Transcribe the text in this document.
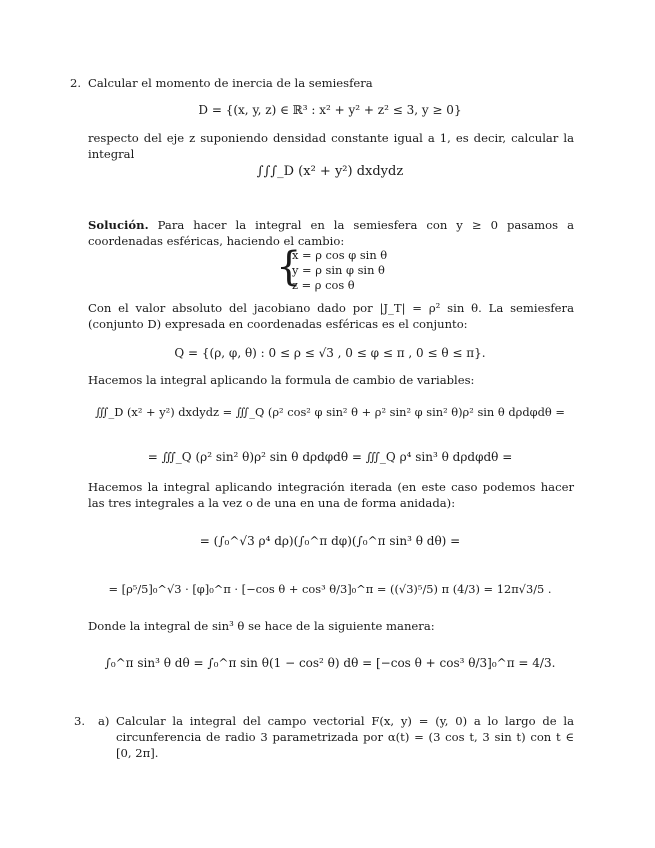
2. Calcular el momento de inercia de la semiesfera
D = {(x, y, z) ∈ ℝ³ : x² + y² + z² ≤ 3, y ≥ 0}
respecto del eje z suponiendo densidad constante igual a 1, es decir, calcular la integral
∫∫∫_D (x² + y²) dxdydz
Solución. Para hacer la integral en la semiesfera con y ≥ 0 pasamos a coordenadas esféricas, haciendo el cambio:
{
x = ρ cos φ sin θ
y = ρ sin φ sin θ
z = ρ cos θ
Con el valor absoluto del jacobiano dado por |J_T| = ρ² sin θ. La semiesfera (conjunto D) expresada en coordenadas esféricas es el conjunto:
Q = {(ρ, φ, θ) : 0 ≤ ρ ≤ √3 , 0 ≤ φ ≤ π , 0 ≤ θ ≤ π}.
Hacemos la integral aplicando la formula de cambio de variables:
∭_D (x² + y²) dxdydz = ∭_Q (ρ² cos² φ sin² θ + ρ² sin² φ sin² θ)ρ² sin θ dρdφdθ =
= ∭_Q (ρ² sin² θ)ρ² sin θ dρdφdθ = ∭_Q ρ⁴ sin³ θ dρdφdθ =
Hacemos la integral aplicando integración iterada (en este caso podemos hacer las tres integrales a la vez o de una en una de forma anidada):
= (∫₀^√3 ρ⁴ dρ)(∫₀^π dφ)(∫₀^π sin³ θ dθ) =
= [ρ⁵/5]₀^√3 · [φ]₀^π · [−cos θ + cos³ θ/3]₀^π = ((√3)⁵/5) π (4/3) = 12π√3/5 .
Donde la integral de sin³ θ se hace de la siguiente manera:
∫₀^π sin³ θ dθ = ∫₀^π sin θ(1 − cos² θ) dθ = [−cos θ + cos³ θ/3]₀^π = 4/3.
3. a) Calcular la integral del campo vectorial F(x, y) = (y, 0) a lo largo de la circunferencia de radio 3 parametrizada por α(t) = (3 cos t, 3 sin t) con t ∈ [0, 2π].
